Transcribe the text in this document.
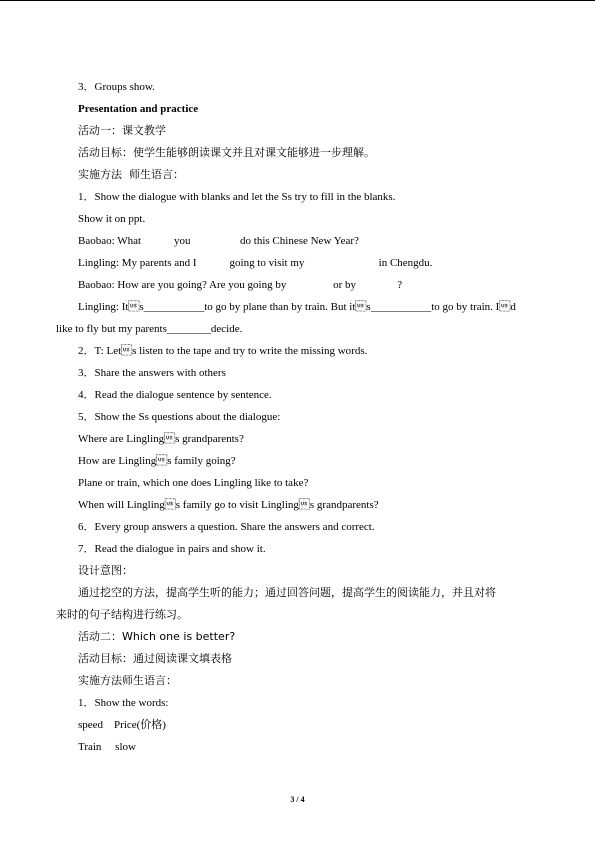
3．Groups show.
Presentation and practice
活动一：课文教学
活动目标：使学生能够朗读课文并且对课文能够进一步理解。
实施方法  师生语言：
1．Show the dialogue with blanks and let the Ss try to fill in the blanks.
Show it on ppt.
Baobao: What            you                  do this Chinese New Year?
Lingling: My parents and I            going to visit my                           in Chengdu.
Baobao: How are you going? Are you going by                 or by               ?
Lingling: Its___________to go by plane than by train. But its___________to go by train. Id
like to fly but my parents________decide.
2．T: Lets listen to the tape and try to write the missing words.
3．Share the answers with others
4．Read the dialogue sentence by sentence.
5．Show the Ss questions about the dialogue:
Where are Linglings grandparents?
How are Linglings family going?
Plane or train, which one does Lingling like to take?
When will Linglings family go to visit Linglings grandparents?
6．Every group answers a question. Share the answers and correct.
7．Read the dialogue in pairs and show it.
设计意图：
通过挖空的方法，提高学生听的能力；通过回答问题，提高学生的阅读能力，并且对将
来时的句子结构进行练习。
活动二：Which one is better?
活动目标：通过阅读课文填表格
实施方法师生语言：
1．Show the words:
speed    Price(价格)
Train     slow
3 / 4
